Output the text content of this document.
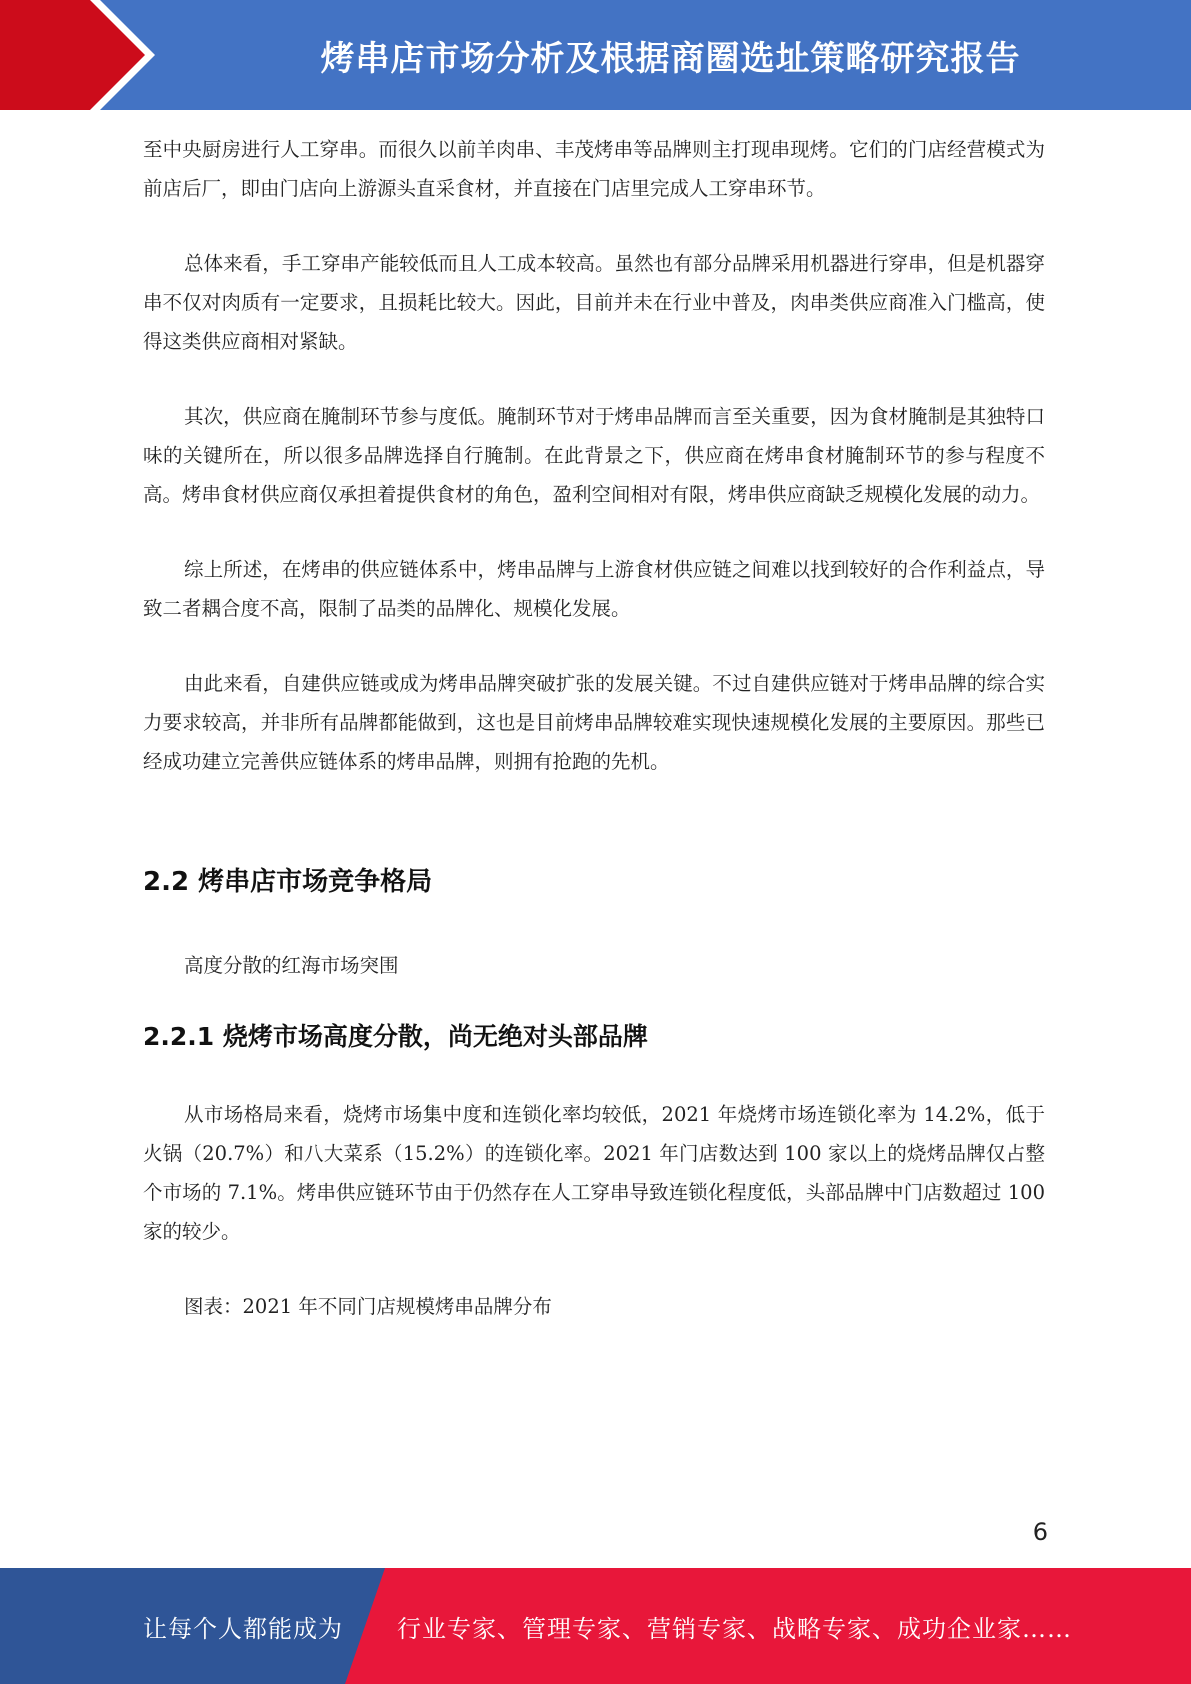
烤串店市场分析及根据商圈选址策略研究报告

至中央厨房进行人工穿串。而很久以前羊肉串、丰茂烤串等品牌则主打现串现烤。它们的门店经营模式为前店后厂，即由门店向上游源头直采食材，并直接在门店里完成人工穿串环节。

总体来看，手工穿串产能较低而且人工成本较高。虽然也有部分品牌采用机器进行穿串，但是机器穿串不仅对肉质有一定要求，且损耗比较大。因此，目前并未在行业中普及，肉串类供应商准入门槛高，使得这类供应商相对紧缺。

其次，供应商在腌制环节参与度低。腌制环节对于烤串品牌而言至关重要，因为食材腌制是其独特口味的关键所在，所以很多品牌选择自行腌制。在此背景之下，供应商在烤串食材腌制环节的参与程度不高。烤串食材供应商仅承担着提供食材的角色，盈利空间相对有限，烤串供应商缺乏规模化发展的动力。

综上所述，在烤串的供应链体系中，烤串品牌与上游食材供应链之间难以找到较好的合作利益点，导致二者耦合度不高，限制了品类的品牌化、规模化发展。

由此来看，自建供应链或成为烤串品牌突破扩张的发展关键。不过自建供应链对于烤串品牌的综合实力要求较高，并非所有品牌都能做到，这也是目前烤串品牌较难实现快速规模化发展的主要原因。那些已经成功建立完善供应链体系的烤串品牌，则拥有抢跑的先机。

2.2 烤串店市场竞争格局

高度分散的红海市场突围

2.2.1 烧烤市场高度分散，尚无绝对头部品牌

从市场格局来看，烧烤市场集中度和连锁化率均较低，2021 年烧烤市场连锁化率为 14.2%，低于火锅（20.7%）和八大菜系（15.2%）的连锁化率。2021 年门店数达到 100 家以上的烧烤品牌仅占整个市场的 7.1%。烤串供应链环节由于仍然存在人工穿串导致连锁化程度低，头部品牌中门店数超过 100 家的较少。

图表：2021 年不同门店规模烤串品牌分布

6
让每个人都能成为 行业专家、管理专家、营销专家、战略专家、成功企业家……
